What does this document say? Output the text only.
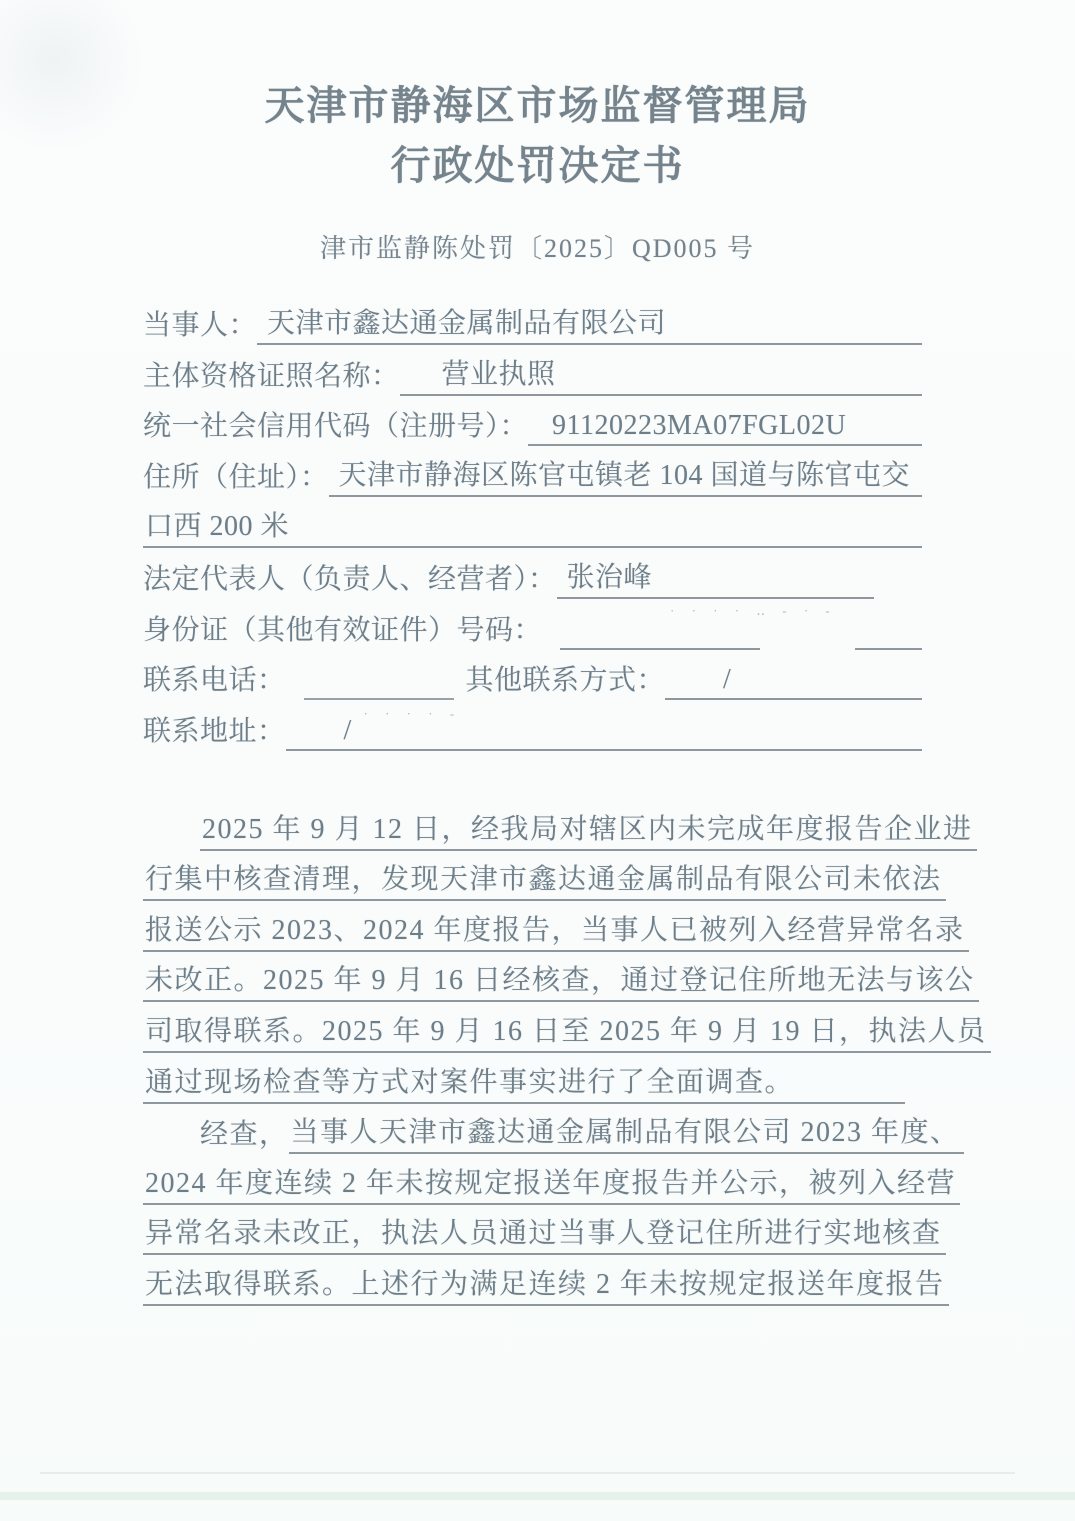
天津市静海区市场监督管理局
行政处罚决定书
津市监静陈处罚〔2025〕QD005 号
当事人： 天津市鑫达通金属制品有限公司
主体资格证照名称：	营业执照
统一社会信用代码（注册号）： 91120223MA07FGL02U
住所（住址）： 天津市静海区陈官屯镇老 104 国道与陈官屯交
口西 200 米
法定代表人（负责人、经营者）： 张治峰
身份证（其他有效证件）号码：
· · · · ‥ - · -
联系电话：
· · · · -
其他联系方式：	/
联系地址：	/
2025 年 9 月 12 日，经我局对辖区内未完成年度报告企业进
行集中核查清理，发现天津市鑫达通金属制品有限公司未依法
报送公示 2023、2024 年度报告，当事人已被列入经营异常名录
未改正。2025 年 9 月 16 日经核查，通过登记住所地无法与该公
司取得联系。2025 年 9 月 16 日至 2025 年 9 月 19 日，执法人员
通过现场检查等方式对案件事实进行了全面调查。
经查， 当事人天津市鑫达通金属制品有限公司 2023 年度、
2024 年度连续 2 年未按规定报送年度报告并公示，被列入经营
异常名录未改正，执法人员通过当事人登记住所进行实地核查
无法取得联系。上述行为满足连续 2 年未按规定报送年度报告
